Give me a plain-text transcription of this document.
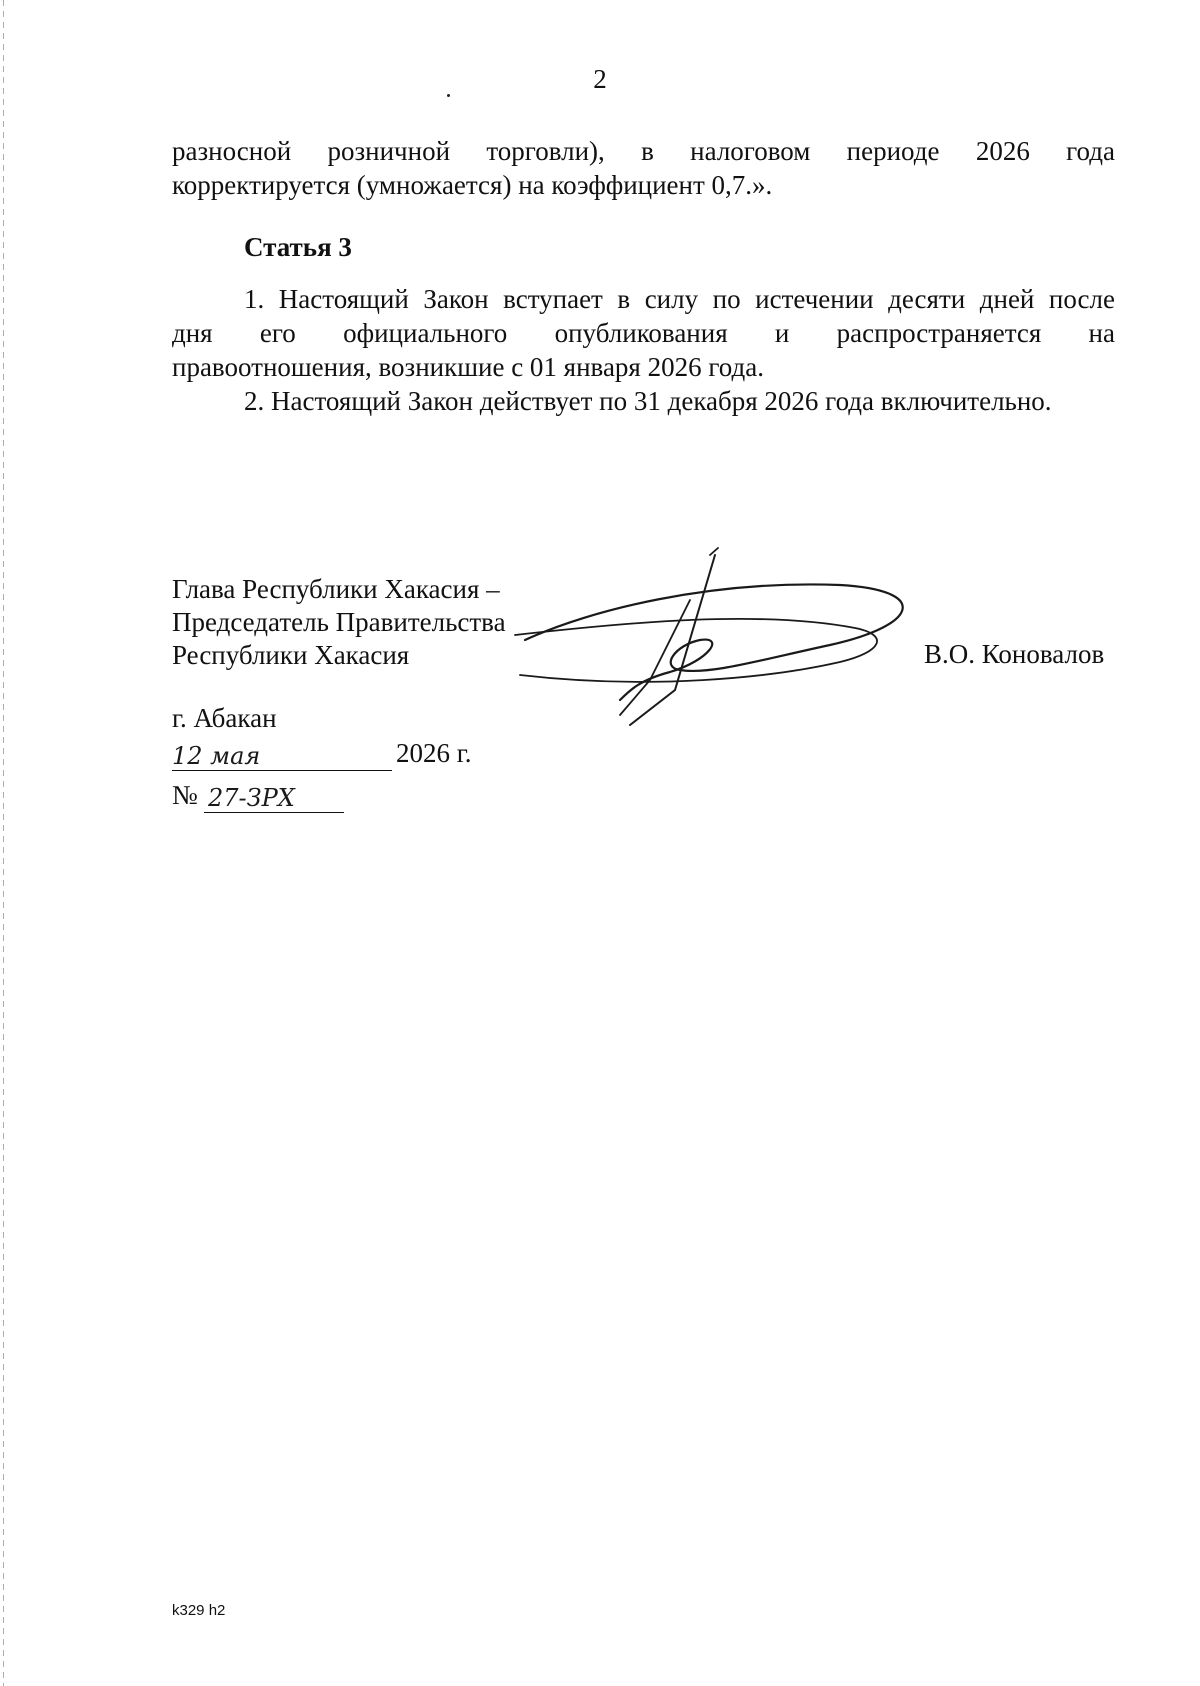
2
разносной розничной торговли), в налоговом периоде 2026 года
корректируется (умножается) на коэффициент 0,7.».
Статья 3
1. Настоящий Закон вступает в силу по истечении десяти дней после
дня его официального опубликования и распространяется на
правоотношения, возникшие с 01 января 2026 года.
2. Настоящий Закон действует по 31 декабря 2026 года включительно.
Глава Республики Хакасия –
Председатель Правительства
Республики Хакасия	В.О. Коновалов
г. Абакан
12 мая	2026 г.
№ 27-ЗРХ
k329 h2
